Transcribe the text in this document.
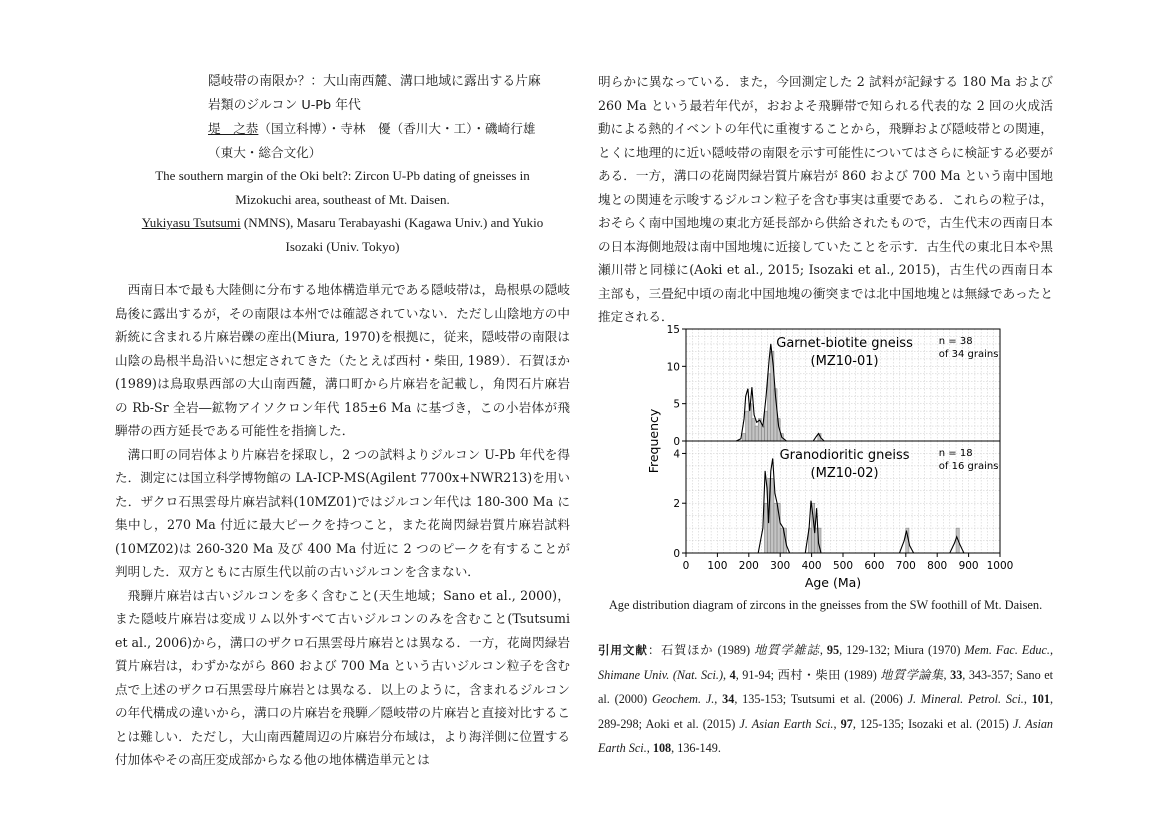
隠岐帯の南限か？：大山南西麓、溝口地域に露出する片麻
岩類のジルコン U-Pb 年代
堤　之恭（国立科博）・寺林　優（香川大・工）・磯崎行雄
（東大・総合文化）
The southern margin of the Oki belt?: Zircon U-Pb dating of gneisses in
Mizokuchi area, southeast of Mt. Daisen.
Yukiyasu Tsutsumi (NMNS), Masaru Terabayashi (Kagawa Univ.) and Yukio
Isozaki (Univ. Tokyo)

西南日本で最も大陸側に分布する地体構造単元である隠岐帯は，島根県の隠岐島後に露出するが，その南限は本州では確認されていない．ただし山陰地方の中新統に含まれる片麻岩礫の産出(Miura, 1970)を根拠に，従来，隠岐帯の南限は山陰の島根半島沿いに想定されてきた（たとえば西村・柴田, 1989）．石賀ほか(1989)は鳥取県西部の大山南西麓，溝口町から片麻岩を記載し，角閃石片麻岩の Rb-Sr 全岩―鉱物アイソクロン年代 185±6 Ma に基づき，この小岩体が飛騨帯の西方延長である可能性を指摘した．

溝口町の同岩体より片麻岩を採取し，2 つの試料よりジルコン U-Pb 年代を得た．測定には国立科学博物館の LA-ICP-MS(Agilent 7700x+NWR213)を用いた．ザクロ石黒雲母片麻岩試料(10MZ01)ではジルコン年代は 180-300 Ma に集中し，270 Ma 付近に最大ピークを持つこと，また花崗閃緑岩質片麻岩試料(10MZ02)は 260-320 Ma 及び 400 Ma 付近に 2 つのピークを有することが判明した．双方ともに古原生代以前の古いジルコンを含まない．

飛騨片麻岩は古いジルコンを多く含むこと(天生地域；Sano et al., 2000)，また隠岐片麻岩は変成リム以外すべて古いジルコンのみを含むこと(Tsutsumi et al., 2006)から，溝口のザクロ石黒雲母片麻岩とは異なる．一方，花崗閃緑岩質片麻岩は，わずかながら 860 および 700 Ma という古いジルコン粒子を含む点で上述のザクロ石黒雲母片麻岩とは異なる．以上のように，含まれるジルコンの年代構成の違いから，溝口の片麻岩を飛騨／隠岐帯の片麻岩と直接対比することは難しい．ただし，大山南西麓周辺の片麻岩分布域は，より海洋側に位置する付加体やその高圧変成部からなる他の地体構造単元とは

明らかに異なっている．また，今回測定した 2 試料が記録する 180 Ma および 260 Ma という最若年代が，おおよそ飛騨帯で知られる代表的な 2 回の火成活動による熱的イベントの年代に重複することから，飛騨および隠岐帯との関連，とくに地理的に近い隠岐帯の南限を示す可能性についてはさらに検証する必要がある．一方，溝口の花崗閃緑岩質片麻岩が 860 および 700 Ma という南中国地塊との関連を示唆するジルコン粒子を含む事実は重要である．これらの粒子は，おそらく南中国地塊の東北方延長部から供給されたもので，古生代末の西南日本の日本海側地殻は南中国地塊に近接していたことを示す．古生代の東北日本や黒瀬川帯と同様に(Aoki et al., 2015; Isozaki et al., 2015)，古生代の西南日本主部も，三畳紀中頃の南北中国地塊の衝突までは北中国地塊とは無縁であったと推定される．

0
5
10
15
Garnet-biotite gneiss
(MZ10-01)
n = 38
of 34 grains
0
2
4	Granodioritic gneiss
(MZ10-02)
n = 18
of 16 grains
0 100 200 300 400 500 600 700 800 900 1000
Age (Ma)
Frequency
Age distribution diagram of zircons in the gneisses from the SW foothill of Mt. Daisen.
引用文献：石賀ほか (1989) 地質学雑誌, 95, 129-132; Miura (1970) Mem. Fac. Educ., Shimane Univ. (Nat. Sci.), 4, 91-94; 西村・柴田 (1989) 地質学論集, 33, 343-357; Sano et al. (2000) Geochem. J., 34, 135-153; Tsutsumi et al. (2006) J. Mineral. Petrol. Sci., 101, 289-298; Aoki et al. (2015) J. Asian Earth Sci., 97, 125-135; Isozaki et al. (2015) J. Asian Earth Sci., 108, 136-149.
